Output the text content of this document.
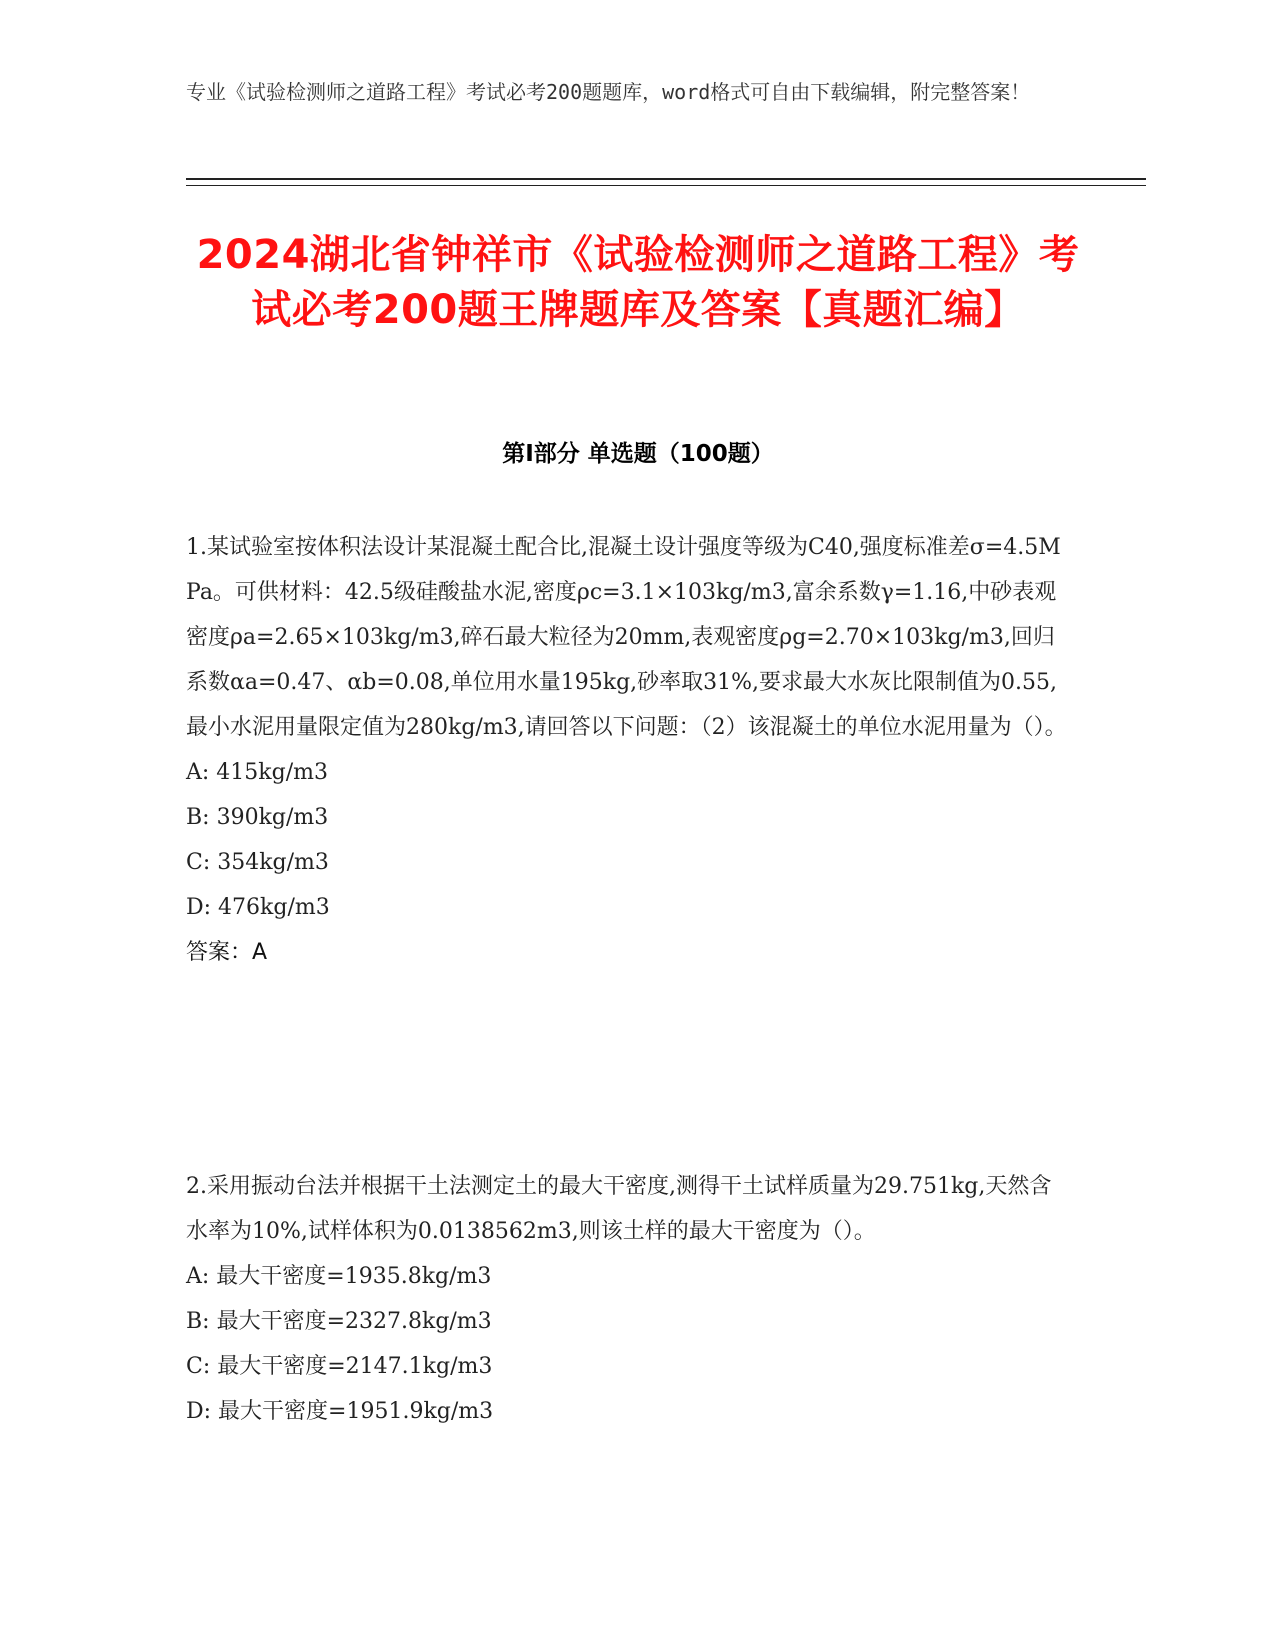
专业《试验检测师之道路工程》考试必考200题题库，word格式可自由下载编辑，附完整答案！
2024湖北省钟祥市《试验检测师之道路工程》考试必考200题王牌题库及答案【真题汇编】
第I部分 单选题（100题）

1.某试验室按体积法设计某混凝土配合比,混凝土设计强度等级为C40,强度标准差σ=4.5MPa。可供材料：42.5级硅酸盐水泥,密度ρc=3.1×103kg/m3,富余系数γ=1.16,中砂表观密度ρa=2.65×103kg/m3,碎石最大粒径为20mm,表观密度ρg=2.70×103kg/m3,回归系数αa=0.47、αb=0.08,单位用水量195kg,砂率取31%,要求最大水灰比限制值为0.55,最小水泥用量限定值为280kg/m3,请回答以下问题：（2）该混凝土的单位水泥用量为（）。

A: 415kg/m3
B: 390kg/m3
C: 354kg/m3
D: 476kg/m3

答案：A

2.采用振动台法并根据干土法测定土的最大干密度,测得干土试样质量为29.751kg,天然含水率为10%,试样体积为0.0138562m3,则该土样的最大干密度为（）。

A: 最大干密度=1935.8kg/m3
B: 最大干密度=2327.8kg/m3
C: 最大干密度=2147.1kg/m3
D: 最大干密度=1951.9kg/m3
